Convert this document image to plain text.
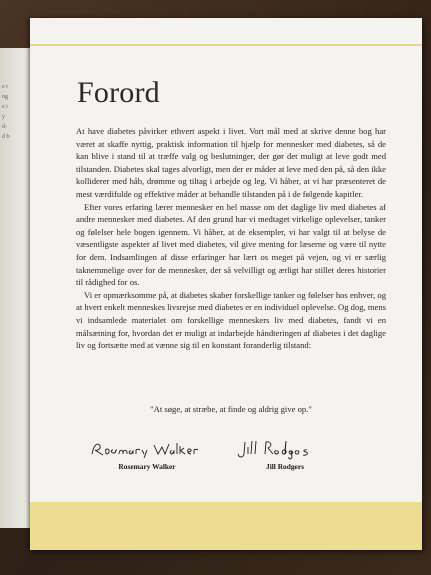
e r
ng
e i
y
d-
d b
Forord

At have diabetes påvirker ethvert aspekt i livet. Vort mål med at skrive denne bog har været at skaffe nyttig, praktisk information til hjælp for mennesker med diabetes, så de kan blive i stand til at træffe valg og beslutninger, der gør det muligt at leve godt med tilstanden. Diabetes skal tages alvorligt, men der er måder at leve med den på, så den ikke kolliderer med håb, drømme og tiltag i arbejde og leg. Vi håber, at vi har præsenteret de mest værdifulde og effektive måder at behandle tilstanden på i de følgende kapitler.

Efter vores erfaring lærer mennesker en hel masse om det daglige liv med diabetes af andre mennesker med diabetes. Af den grund har vi medtaget virkelige oplevelser, tanker og følelser hele bogen igennem. Vi håber, at de eksempler, vi har valgt til at belyse de væsentligste aspekter af livet med diabetes, vil give mening for læserne og være til nytte for dem. Indsamlingen af disse erfaringer har lært os meget på vejen, og vi er særlig taknemmelige over for de mennesker, der så velvilligt og ærligt har stillet deres historier til rådighed for os.

Vi er opmærksomme på, at diabetes skaber forskellige tanker og følelser hos enhver, og at hvert enkelt menneskes livsrejse med diabetes er en individuel oplevelse. Og dog, mens vi indsamlede materialet om forskellige menneskers liv med diabetes, fandt vi en målsætning for, hvordan det er muligt at indarbejde håndteringen af diabetes i det daglige liv og fortsætte med at vænne sig til en konstant foranderlig tilstand:

"At søge, at stræbe, at finde og aldrig give op."
Rosemary Walker	Jill Rodgers
